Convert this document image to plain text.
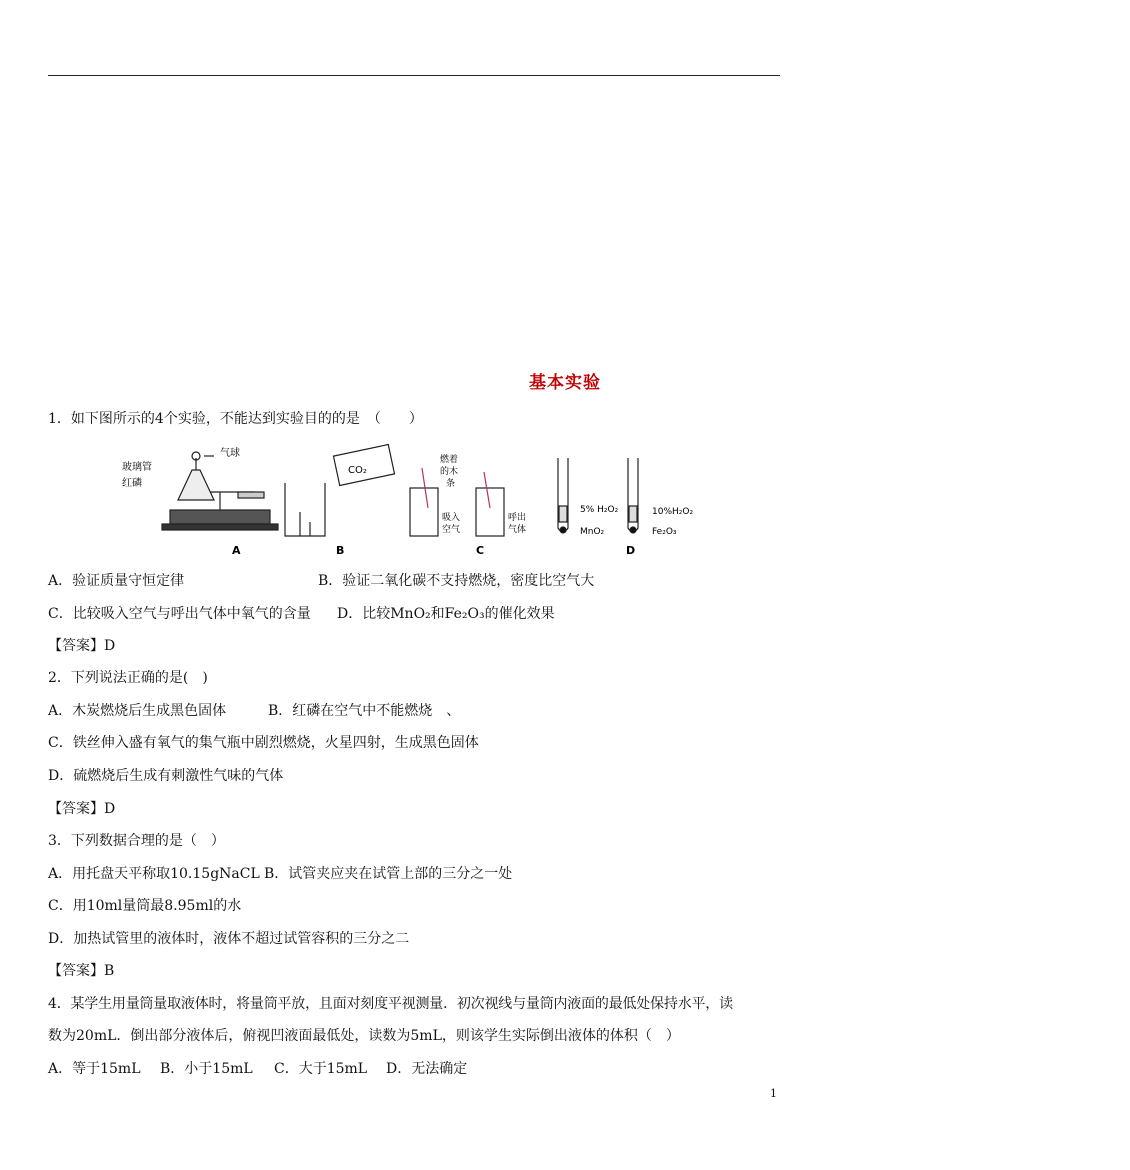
基本实验
1．如下图所示的4个实验，不能达到实验目的的是　（　　）
气球
玻璃管
红磷
A
CO₂
B
燃着
的木
条
吸入
空气
呼出
气体
C
5% H₂O₂
MnO₂
10%H₂O₂
Fe₂O₃
D
A．验证质量守恒定律	B．验证二氧化碳不支持燃烧，密度比空气大
C．比较吸入空气与呼出气体中氧气的含量 D．比较MnO₂和Fe₂O₃的催化效果
【答案】D
2．下列说法正确的是(　)
A．木炭燃烧后生成黑色固体	B．红磷在空气中不能燃烧　、
C．铁丝伸入盛有氧气的集气瓶中剧烈燃烧，火星四射，生成黑色固体
D．硫燃烧后生成有刺激性气味的气体
【答案】D
3．下列数据合理的是（　）
A．用托盘天平称取10.15gNaCL B．试管夹应夹在试管上部的三分之一处
C．用10ml量筒最8.95ml的水
D．加热试管里的液体时，液体不超过试管容积的三分之二
【答案】B
4．某学生用量筒量取液体时，将量筒平放，且面对刻度平视测量．初次视线与量筒内液面的最低处保持水平，读
数为20mL．倒出部分液体后，俯视凹液面最低处，读数为5mL，则该学生实际倒出液体的体积（　）
A．等于15mL B．小于15mL C．大于15mL D．无法确定
1
